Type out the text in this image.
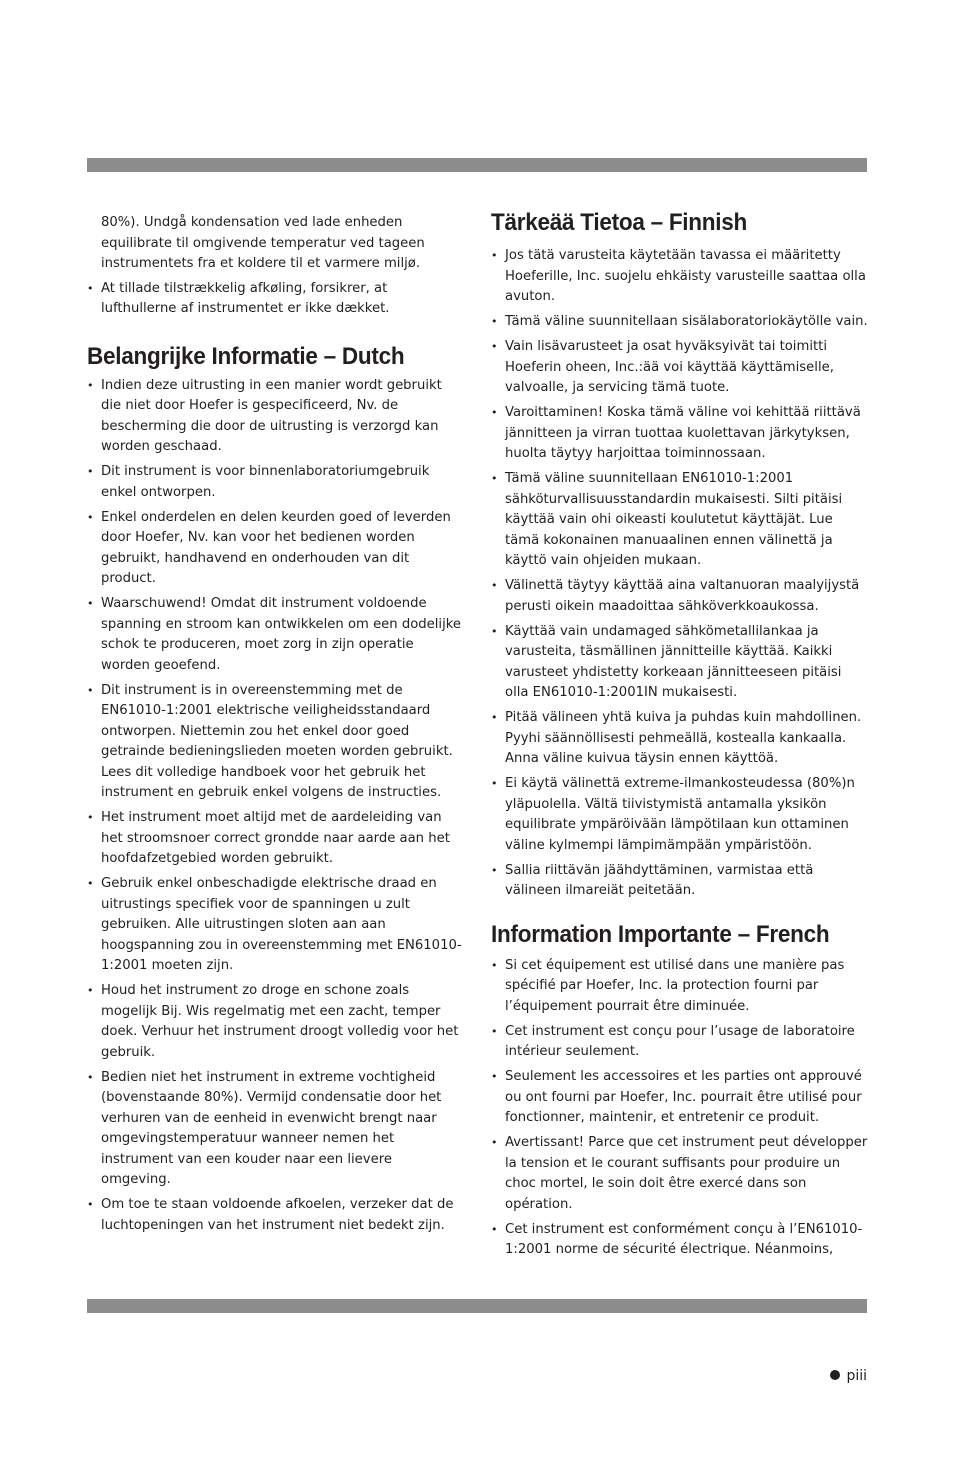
80%). Undgå kondensation ved lade enheden equilibrate til omgivende temperatur ved tageen instrumentets fra et koldere til et varmere miljø.

• At tillade tilstrækkelig afkøling, forsikrer, at lufthullerne af instrumentet er ikke dækket.
Belangrijke Informatie – Dutch
• Indien deze uitrusting in een manier wordt gebruikt die niet door Hoefer is gespecificeerd, Nv. de bescherming die door de uitrusting is verzorgd kan worden geschaad.
• Dit instrument is voor binnenlaboratoriumgebruik enkel ontworpen.
• Enkel onderdelen en delen keurden goed of leverden door Hoefer, Nv. kan voor het bedienen worden gebruikt, handhavend en onderhouden van dit product.
• Waarschuwend! Omdat dit instrument voldoende spanning en stroom kan ontwikkelen om een dodelijke schok te produceren, moet zorg in zijn operatie worden geoefend.
• Dit instrument is in overeenstemming met de EN61010-1:2001 elektrische veiligheidsstandaard ontworpen. Niettemin zou het enkel door goed getrainde bedieningslieden moeten worden gebruikt. Lees dit volledige handboek voor het gebruik het instrument en gebruik enkel volgens de instructies.
• Het instrument moet altijd met de aardeleiding van het stroomsnoer correct grondde naar aarde aan het hoofdafzetgebied worden gebruikt.
• Gebruik enkel onbeschadigde elektrische draad en uitrustings specifiek voor de spanningen u zult gebruiken. Alle uitrustingen sloten aan aan hoogspanning zou in overeenstemming met EN61010-1:2001 moeten zijn.
• Houd het instrument zo droge en schone zoals mogelijk Bij. Wis regelmatig met een zacht, temper doek. Verhuur het instrument droogt volledig voor het gebruik.
• Bedien niet het instrument in extreme vochtigheid (bovenstaande 80%). Vermijd condensatie door het verhuren van de eenheid in evenwicht brengt naar omgevingstemperatuur wanneer nemen het instrument van een kouder naar een lievere omgeving.
• Om toe te staan voldoende afkoelen, verzeker dat de luchtopeningen van het instrument niet bedekt zijn.
Tärkeää Tietoa – Finnish
• Jos tätä varusteita käytetään tavassa ei määritetty Hoeferille, Inc. suojelu ehkäisty varusteille saattaa olla avuton.
• Tämä väline suunnitellaan sisälaboratoriokäytölle vain.
• Vain lisävarusteet ja osat hyväksyivät tai toimitti Hoeferin oheen, Inc.:ää voi käyttää käyttämiselle, valvoalle, ja servicing tämä tuote.
• Varoittaminen! Koska tämä väline voi kehittää riittävä jännitteen ja virran tuottaa kuolettavan järkytyksen, huolta täytyy harjoittaa toiminnossaan.
• Tämä väline suunnitellaan EN61010-1:2001 sähköturvallisuusstandardin mukaisesti. Silti pitäisi käyttää vain ohi oikeasti koulutetut käyttäjät. Lue tämä kokonainen manuaalinen ennen välinettä ja käyttö vain ohjeiden mukaan.
• Välinettä täytyy käyttää aina valtanuoran maalyijystä perusti oikein maadoittaa sähköverkkoaukossa.
• Käyttää vain undamaged sähkömetallilankaa ja varusteita, täsmällinen jännitteille käyttää. Kaikki varusteet yhdistetty korkeaan jännitteeseen pitäisi olla EN61010-1:2001IN mukaisesti.
• Pitää välineen yhtä kuiva ja puhdas kuin mahdollinen. Pyyhi säännöllisesti pehmeällä, kostealla kankaalla. Anna väline kuivua täysin ennen käyttöä.
• Ei käytä välinettä extreme-ilmankosteudessa (80%)n yläpuolella. Vältä tiivistymistä antamalla yksikön equilibrate ympäröivään lämpötilaan kun ottaminen väline kylmempi lämpimämpään ympäristöön.
• Sallia riittävän jäähdyttäminen, varmistaa että välineen ilmareiät peitetään.
Information Importante – French
• Si cet équipement est utilisé dans une manière pas spécifié par Hoefer, Inc. la protection fourni par l’équipement pourrait être diminuée.
• Cet instrument est conçu pour l’usage de laboratoire intérieur seulement.
• Seulement les accessoires et les parties ont approuvé ou ont fourni par Hoefer, Inc. pourrait être utilisé pour fonctionner, maintenir, et entretenir ce produit.
• Avertissant! Parce que cet instrument peut développer la tension et le courant suffisants pour produire un choc mortel, le soin doit être exercé dans son opération.
• Cet instrument est conformément conçu à l’EN61010-1:2001 norme de sécurité électrique. Néanmoins,
piii
